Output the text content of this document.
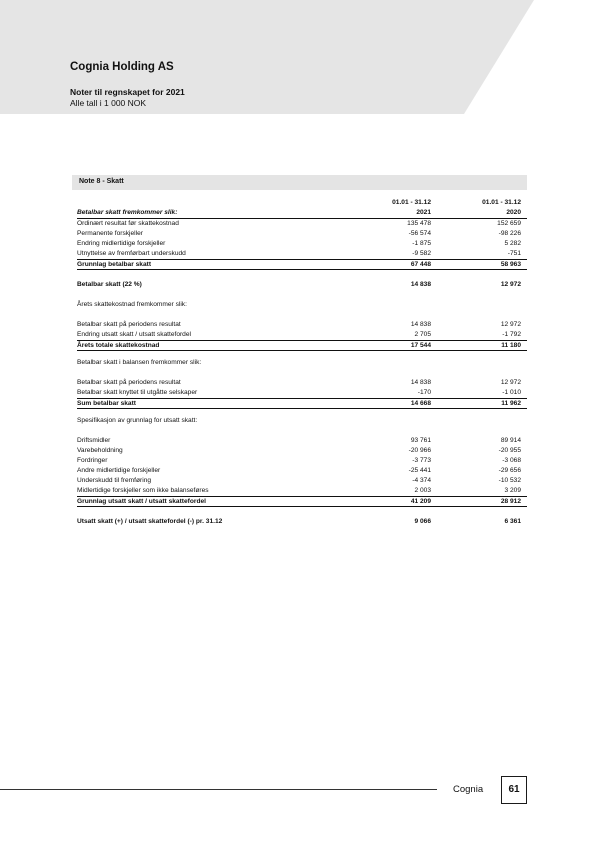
Cognia Holding AS
Noter til regnskapet for 2021
Alle tall i 1 000 NOK
Note 8 - Skatt
01.01 - 31.12	01.01 - 31.12
Betalbar skatt fremkommer slik:	2021	2020
Ordinært resultat før skattekostnad	135 478	152 659
Permanente forskjeller	-56 574	-98 226
Endring midlertidige forskjeller	-1 875	5 282
Utnyttelse av fremførbart underskudd	-9 582	-751
Grunnlag betalbar skatt	67 448	58 963
Betalbar skatt (22 %)	14 838	12 972
Årets skattekostnad fremkommer slik:
Betalbar skatt på periodens resultat	14 838	12 972
Endring utsatt skatt / utsatt skattefordel	2 705	-1 792
Årets totale skattekostnad	17 544	11 180
Betalbar skatt i balansen fremkommer slik:
Betalbar skatt på periodens resultat	14 838	12 972
Betalbar skatt knyttet til utgåtte selskaper	-170	-1 010
Sum betalbar skatt	14 668	11 962
Spesifikasjon av grunnlag for utsatt skatt:
Driftsmidler	93 761	89 914
Varebeholdning	-20 966	-20 955
Fordringer	-3 773	-3 068
Andre midlertidige forskjeller	-25 441	-29 656
Underskudd til fremføring	-4 374	-10 532
Midlertidige forskjeller som ikke balanseføres	2 003	3 209
Grunnlag utsatt skatt / utsatt skattefordel	41 209	28 912
Utsatt skatt (+) / utsatt skattefordel (-) pr. 31.12	9 066	6 361
Cognia	61
